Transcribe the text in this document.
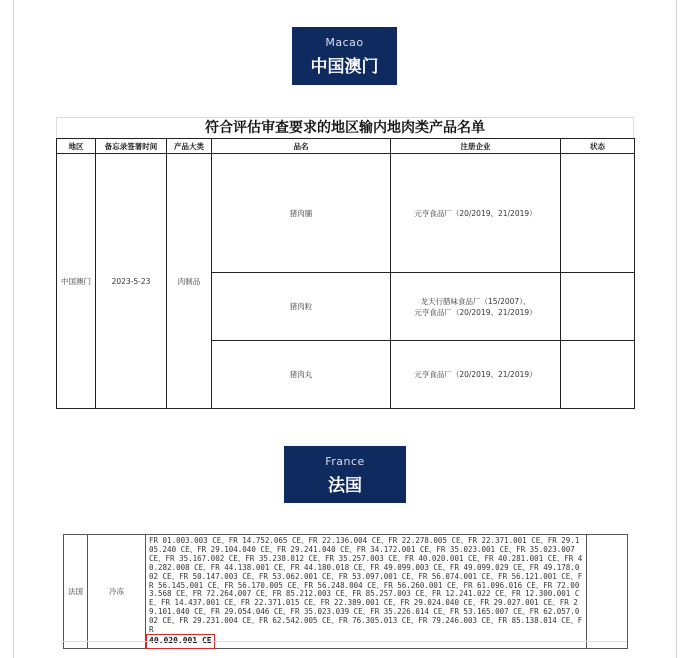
Macao
中国澳门
符合评估审查要求的地区输内地肉类产品名单
地区	备忘录签署时间	产品大类	品名	注册企业	状态
中国澳门	2023-5-23	肉制品	猪肉脯	元亨食品厂（20/2019、21/2019）	
			猪肉粒	龙天行腊味食品厂（15/2007）、
元亨食品厂（20/2019、21/2019）	
			猪肉丸	元亨食品厂（20/2019、21/2019）	
France
法国
法国	冷冻	FR 01.003.003 CE、FR 14.752.065 CE、FR 22.136.004 CE、FR 22.278.005 CE、FR 22.371.001 CE、FR 29.105.240 CE、FR 29.104.040 CE、FR 29.241.040 CE、FR 34.172.001 CE、FR 35.023.001 CE、FR 35.023.007 CE、FR 35.167.002 CE、FR 35.238.012 CE、FR 35.257.003 CE、FR 40.020.001 CE、FR 40.281.001 CE、FR 40.282.008 CE、FR 44.138.001 CE、FR 44.180.018 CE、FR 49.099.003 CE、FR 49.099.029 CE、FR 49.178.002 CE、FR 50.147.003 CE、FR 53.062.001 CE、FR 53.097.001 CE、FR 56.074.001 CE、FR 56.121.001 CE、FR 56.145.001 CE、FR 56.170.005 CE、FR 56.248.004 CE、FR 56.260.001 CE、FR 61.096.016 CE、FR 72.003.568 CE、FR 72.264.007 CE、FR 85.212.003 CE、FR 85.257.003 CE、FR 12.241.022 CE、FR 12.300.001 CE、FR 14.437.001 CE、FR 22.371.015 CE、FR 22.389.001 CE、FR 29.024.040 CE、FR 29.027.001 CE、FR 29.101.040 CE、FR 29.054.046 CE、FR 35.023.039 CE、FR 35.226.014 CE、FR 53.165.007 CE、FR 62.057.002 CE、FR 29.231.004 CE、FR 62.542.005 CE、FR 76.305.013 CE、FR 79.246.003 CE、FR 85.138.014 CE、FR
